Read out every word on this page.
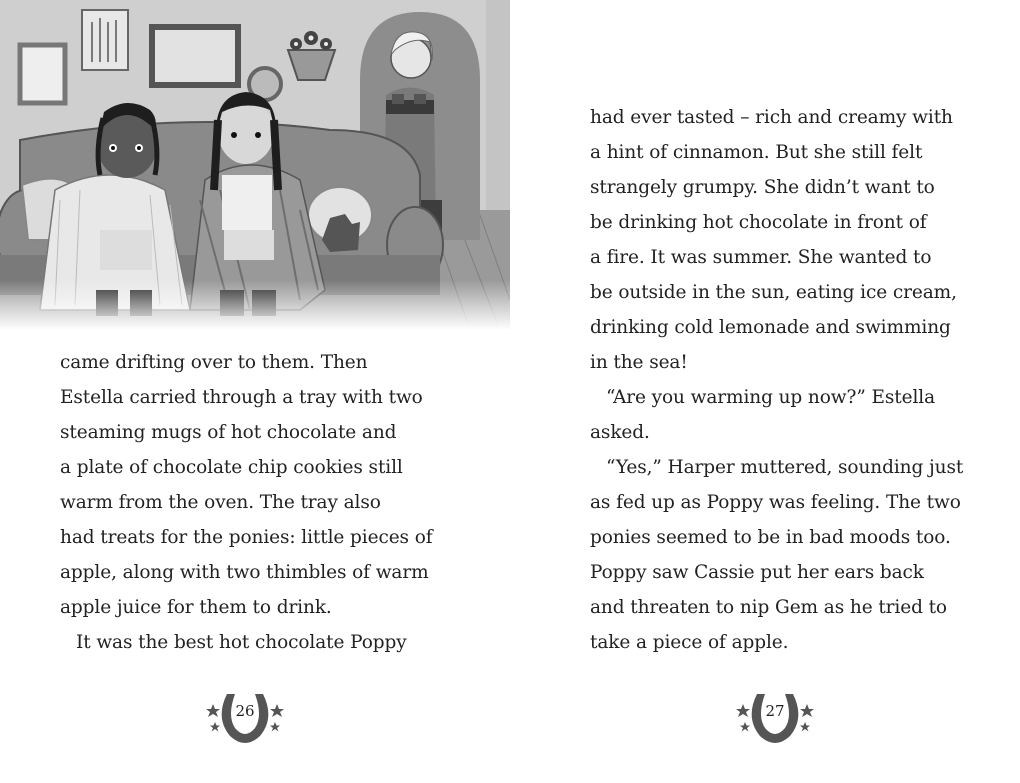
came drifting over to them. Then
Estella carried through a tray with two
steaming mugs of hot chocolate and
a plate of chocolate chip cookies still
warm from the oven. The tray also
had treats for the ponies: little pieces of
apple, along with two thimbles of warm
apple juice for them to drink.
It was the best hot chocolate Poppy
26
had ever tasted – rich and creamy with
a hint of cinnamon. But she still felt
strangely grumpy. She didn’t want to
be drinking hot chocolate in front of
a fire. It was summer. She wanted to
be outside in the sun, eating ice cream,
drinking cold lemonade and swimming
in the sea!
“Are you warming up now?” Estella
asked.
“Yes,” Harper muttered, sounding just
as fed up as Poppy was feeling. The two
ponies seemed to be in bad moods too.
Poppy saw Cassie put her ears back
and threaten to nip Gem as he tried to
take a piece of apple.
27
